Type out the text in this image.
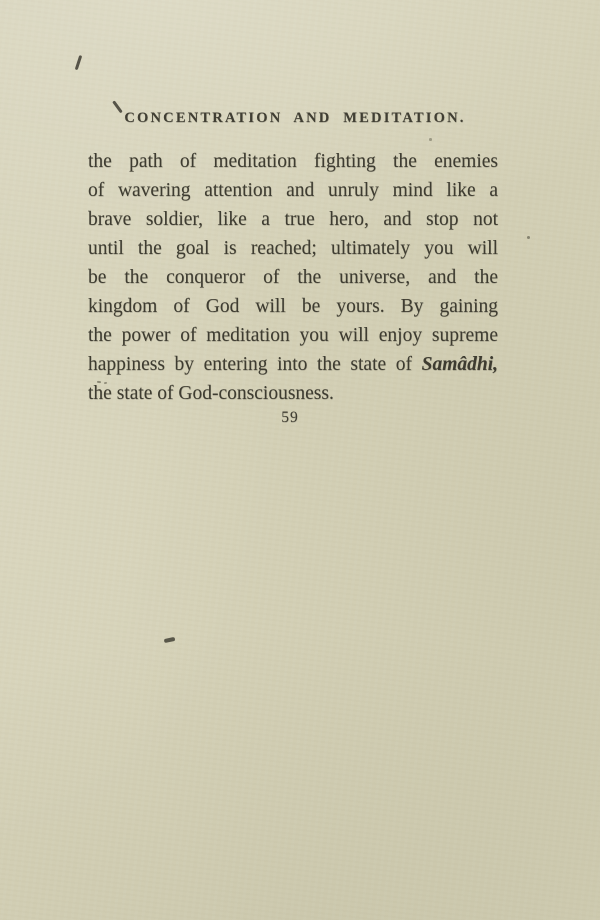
CONCENTRATION AND MEDITATION.
the path of meditation fighting the enemies
of wavering attention and unruly mind like a
brave soldier, like a true hero, and stop not
until the goal is reached; ultimately you will
be the conqueror of the universe, and the
kingdom of God will be yours. By gaining
the power of meditation you will enjoy supreme
happiness by entering into the state of Samâdhi,
the state of God-consciousness.
59
